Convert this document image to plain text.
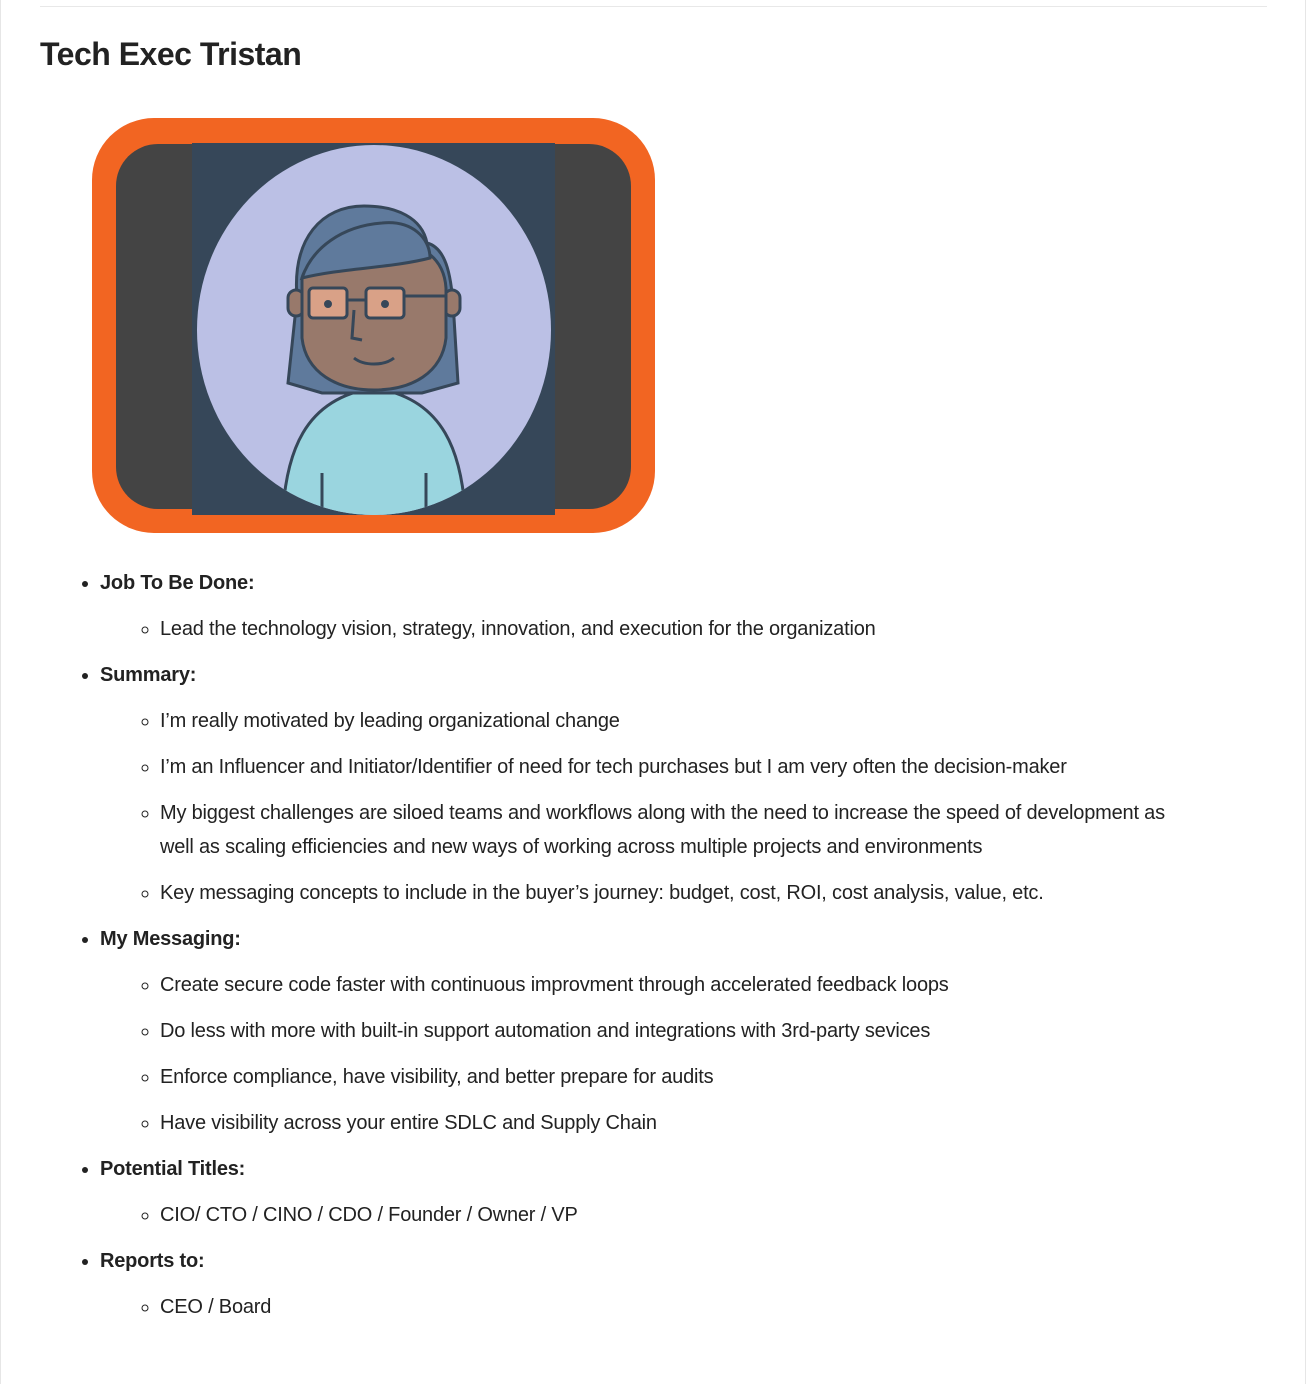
Tech Exec Tristan
• Job To Be Done:
◦ Lead the technology vision, strategy, innovation, and execution for the organization
• Summary:
◦ I’m really motivated by leading organizational change
◦ I’m an Influencer and Initiator/Identifier of need for tech purchases but I am very often the decision-maker
◦ My biggest challenges are siloed teams and workflows along with the need to increase the speed of development as well as scaling efficiencies and new ways of working across multiple projects and environments
◦ Key messaging concepts to include in the buyer’s journey: budget, cost, ROI, cost analysis, value, etc.
• My Messaging:
◦ Create secure code faster with continuous improvment through accelerated feedback loops
◦ Do less with more with built-in support automation and integrations with 3rd-party sevices
◦ Enforce compliance, have visibility, and better prepare for audits
◦ Have visibility across your entire SDLC and Supply Chain
• Potential Titles:
◦ CIO/ CTO / CINO / CDO / Founder / Owner / VP
• Reports to:
◦ CEO / Board
